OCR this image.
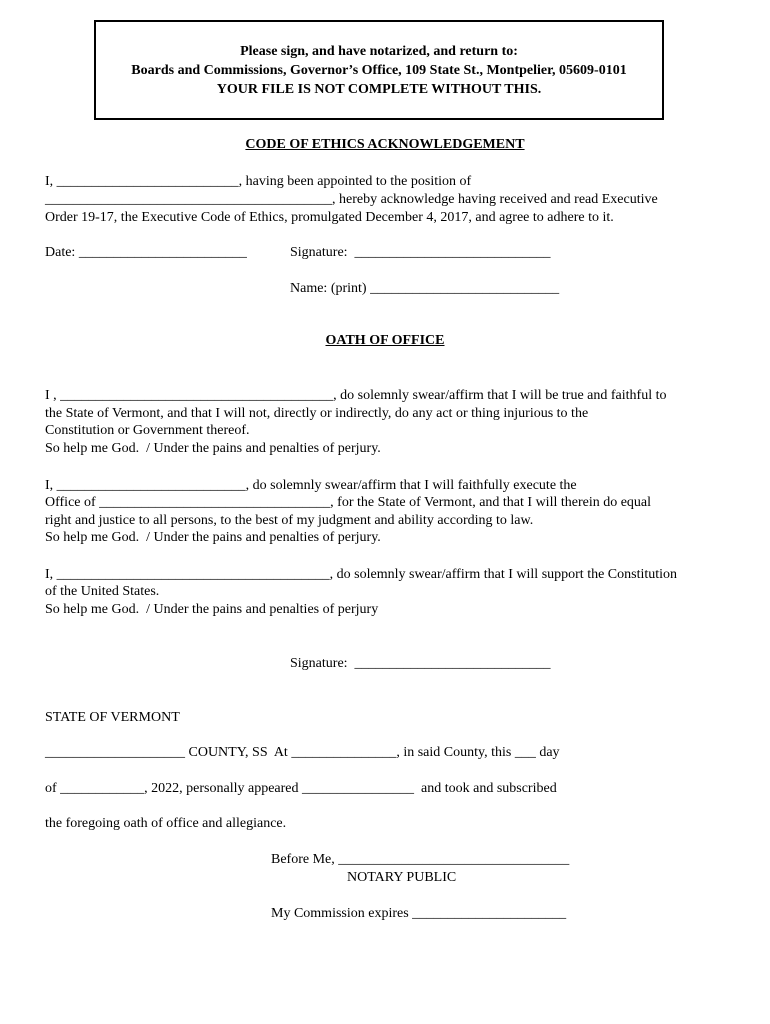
Please sign, and have notarized, and return to:
Boards and Commissions, Governor’s Office, 109 State St., Montpelier, 05609-0101
YOUR FILE IS NOT COMPLETE WITHOUT THIS.
CODE OF ETHICS ACKNOWLEDGEMENT
I, __________________________, having been appointed to the position of
_________________________________________, hereby acknowledge having received and read Executive
Order 19-17, the Executive Code of Ethics, promulgated December 4, 2017, and agree to adhere to it.
Date: ________________________	Signature:  ____________________________
Name: (print) ___________________________
OATH OF OFFICE
I , _______________________________________, do solemnly swear/affirm that I will be true and faithful to
the State of Vermont, and that I will not, directly or indirectly, do any act or thing injurious to the
Constitution or Government thereof.
So help me God.  / Under the pains and penalties of perjury.
I, ___________________________, do solemnly swear/affirm that I will faithfully execute the
Office of _________________________________, for the State of Vermont, and that I will therein do equal
right and justice to all persons, to the best of my judgment and ability according to law.
So help me God.  / Under the pains and penalties of perjury.
I, _______________________________________, do solemnly swear/affirm that I will support the Constitution
of the United States.
So help me God.  / Under the pains and penalties of perjury
Signature:  ____________________________
STATE OF VERMONT
____________________ COUNTY, SS  At _______________, in said County, this ___ day
of ____________, 2022, personally appeared ________________  and took and subscribed
the foregoing oath of office and allegiance.
Before Me, _________________________________
NOTARY PUBLIC
My Commission expires ______________________
